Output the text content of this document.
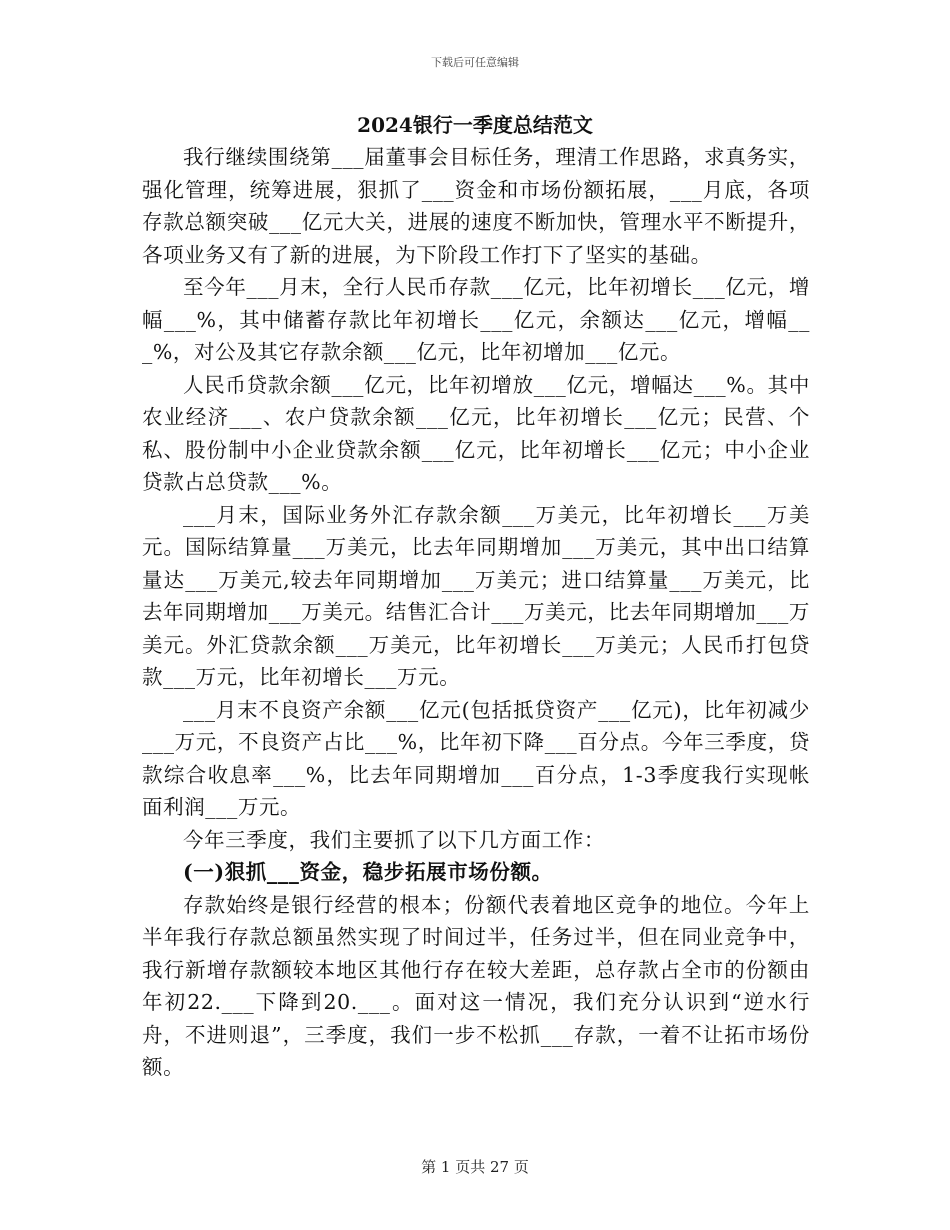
下载后可任意编辑
2024银行一季度总结范文

我行继续围绕第___届董事会目标任务，理清工作思路，求真务实，强化管理，统筹进展，狠抓了___资金和市场份额拓展，___月底，各项存款总额突破___亿元大关，进展的速度不断加快，管理水平不断提升，各项业务又有了新的进展，为下阶段工作打下了坚实的基础。

至今年___月末，全行人民币存款___亿元，比年初增长___亿元，增幅___%，其中储蓄存款比年初增长___亿元，余额达___亿元，增幅___%，对公及其它存款余额___亿元，比年初增加___亿元。

人民币贷款余额___亿元，比年初增放___亿元，增幅达___%。其中农业经济___、农户贷款余额___亿元，比年初增长___亿元；民营、个私、股份制中小企业贷款余额___亿元，比年初增长___亿元；中小企业贷款占总贷款___%。

___月末，国际业务外汇存款余额___万美元，比年初增长___万美元。国际结算量___万美元，比去年同期增加___万美元，其中出口结算量达___万美元,较去年同期增加___万美元；进口结算量___万美元，比去年同期增加___万美元。结售汇合计___万美元，比去年同期增加___万美元。外汇贷款余额___万美元，比年初增长___万美元；人民币打包贷款___万元，比年初增长___万元。

___月末不良资产余额___亿元(包括抵贷资产___亿元)，比年初减少___万元，不良资产占比___%，比年初下降___百分点。今年三季度，贷款综合收息率___%，比去年同期增加___百分点，1-3季度我行实现帐面利润___万元。

今年三季度，我们主要抓了以下几方面工作：

(一)狠抓___资金，稳步拓展市场份额。

存款始终是银行经营的根本；份额代表着地区竞争的地位。今年上半年我行存款总额虽然实现了时间过半，任务过半，但在同业竞争中，我行新增存款额较本地区其他行存在较大差距，总存款占全市的份额由年初22.___下降到20.___。面对这一情况，我们充分认识到“逆水行舟，不进则退”，三季度，我们一步不松抓___存款，一着不让拓市场份额。

第 1 页共 27 页
